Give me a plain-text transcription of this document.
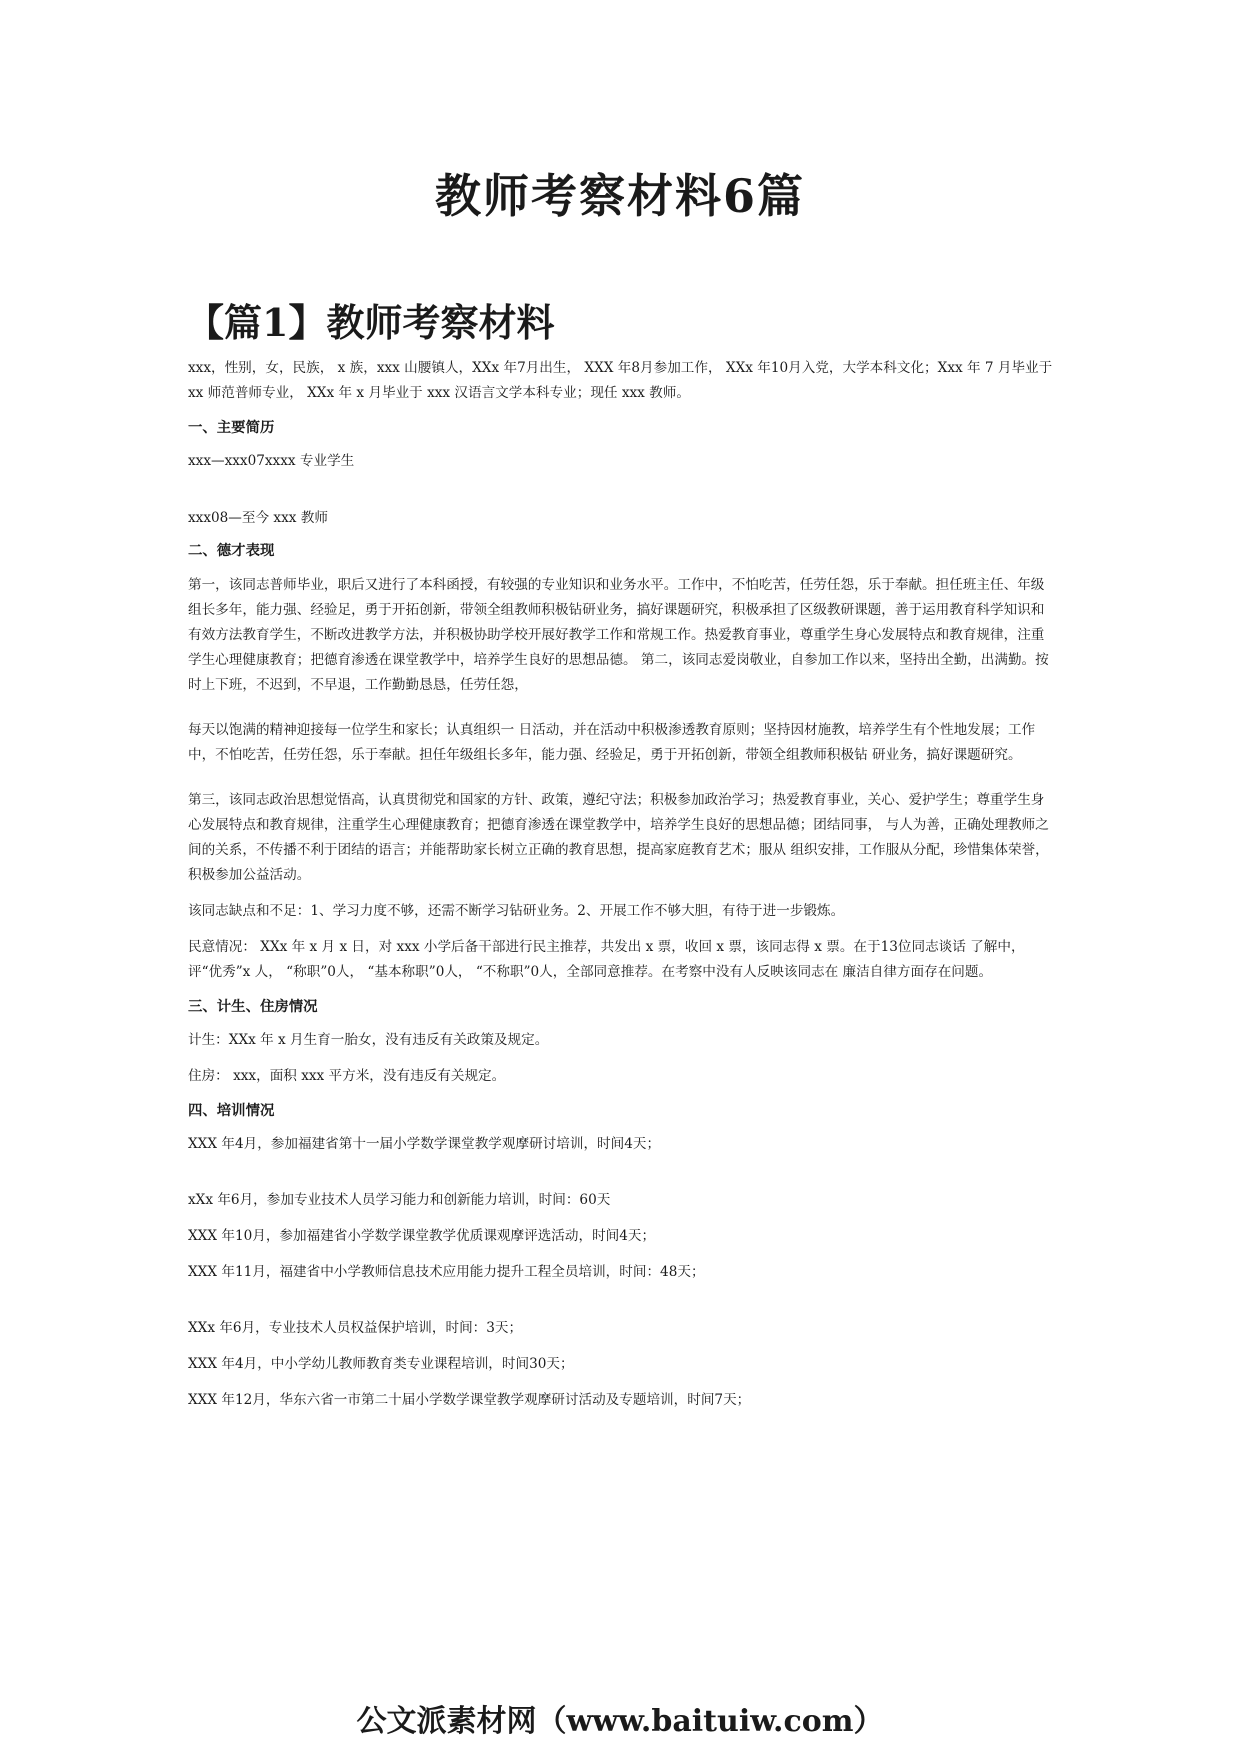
教师考察材料6篇
【篇1】教师考察材料

xxx，性别，女，民族， x 族，xxx 山腰镇人，XXx 年7月出生， XXX 年8月参加工作， XXx 年10月入党，大学本科文化；Xxx 年 7 月毕业于 xx 师范普师专业， XXx 年 x 月毕业于 xxx 汉语言文学本科专业；现任 xxx 教师。

一、主要简历

xxx—xxx07xxxx 专业学生

xxx08—至今 xxx 教师

二、德才表现

第一，该同志普师毕业，职后又进行了本科函授，有较强的专业知识和业务水平。工作中，不怕吃苦，任劳任怨，乐于奉献。担任班主任、年级组长多年，能力强、经验足，勇于开拓创新，带领全组教师积极钻研业务，搞好课题研究，积极承担了区级教研课题，善于运用教育科学知识和有效方法教育学生，不断改进教学方法，并积极协助学校开展好教学工作和常规工作。热爱教育事业，尊重学生身心发展特点和教育规律，注重学生心理健康教育；把德育渗透在课堂教学中，培养学生良好的思想品德。 第二，该同志爱岗敬业，自参加工作以来，坚持出全勤，出满勤。按时上下班，不迟到，不早退，工作勤勤恳恳，任劳任怨，

每天以饱满的精神迎接每一位学生和家长；认真组织一 日活动，并在活动中积极渗透教育原则；坚持因材施教，培养学生有个性地发展；工作中，不怕吃苦，任劳任怨，乐于奉献。担任年级组长多年，能力强、经验足，勇于开拓创新，带领全组教师积极钻 研业务，搞好课题研究。

第三，该同志政治思想觉悟高，认真贯彻党和国家的方针、政策，遵纪守法；积极参加政治学习；热爱教育事业，关心、爱护学生；尊重学生身心发展特点和教育规律，注重学生心理健康教育；把德育渗透在课堂教学中，培养学生良好的思想品德；团结同事， 与人为善，正确处理教师之间的关系，不传播不利于团结的语言；并能帮助家长树立正确的教育思想，提高家庭教育艺术；服从 组织安排，工作服从分配，珍惜集体荣誉，积极参加公益活动。

该同志缺点和不足：1、学习力度不够，还需不断学习钻研业务。2、开展工作不够大胆，有待于进一步锻炼。

民意情况： XXx 年 x 月 x 日，对 xxx 小学后备干部进行民主推荐，共发出 x 票，收回 x 票，该同志得 x 票。在于13位同志谈话 了解中，评“优秀”x 人， “称职”0人， “基本称职”0人， “不称职”0人，全部同意推荐。在考察中没有人反映该同志在 廉洁自律方面存在问题。

三、计生、住房情况

计生：XXx 年 x 月生育一胎女，没有违反有关政策及规定。

住房： xxx，面积 xxx 平方米，没有违反有关规定。

四、培训情况

XXX 年4月，参加福建省第十一届小学数学课堂教学观摩研讨培训，时间4天；

xXx 年6月，参加专业技术人员学习能力和创新能力培训，时间：60天

XXX 年10月，参加福建省小学数学课堂教学优质课观摩评选活动，时间4天；

XXX 年11月，福建省中小学教师信息技术应用能力提升工程全员培训，时间：48天；

XXx 年6月，专业技术人员权益保护培训，时间：3天；

XXX 年4月，中小学幼儿教师教育类专业课程培训，时间30天；

XXX 年12月，华东六省一市第二十届小学数学课堂教学观摩研讨活动及专题培训，时间7天；

公文派素材网（www.baituiw.com）
